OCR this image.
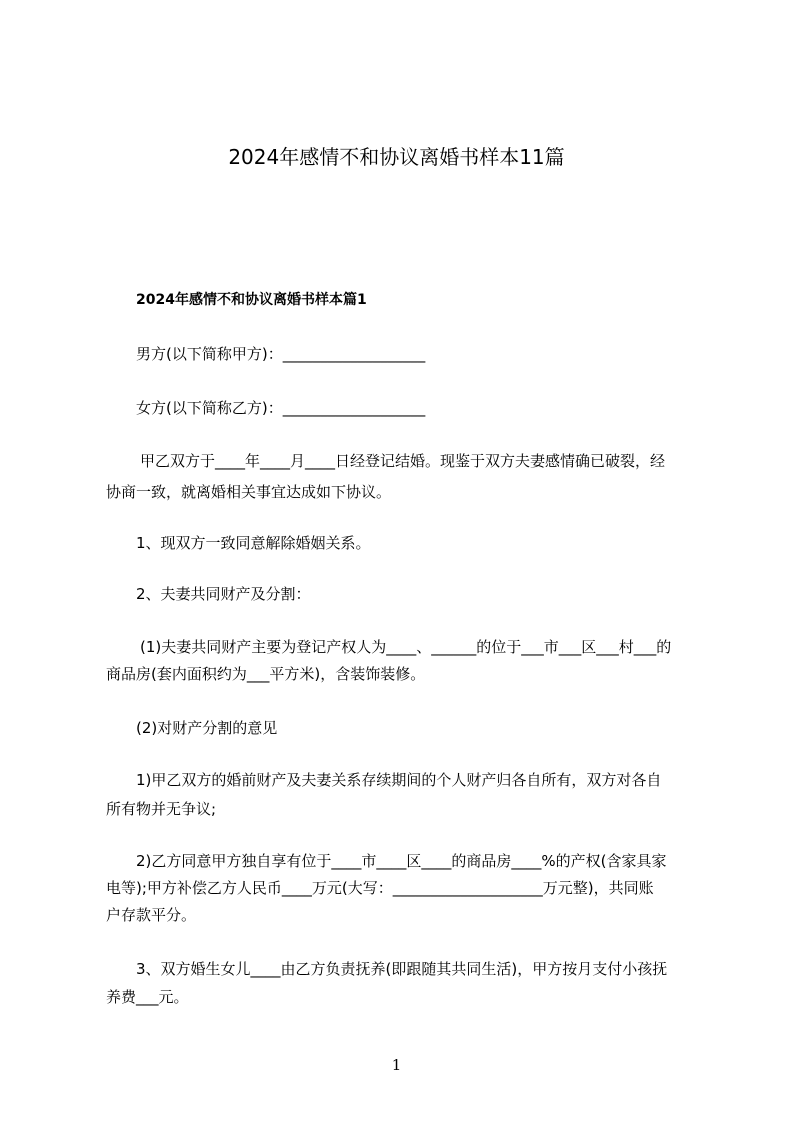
2024年感情不和协议离婚书样本11篇
2024年感情不和协议离婚书样本篇1
男方(以下简称甲方)：___________________
女方(以下简称乙方)：___________________
甲乙双方于____年____月____日经登记结婚。现鉴于双方夫妻感情确已破裂，经
协商一致，就离婚相关事宜达成如下协议。
1、现双方一致同意解除婚姻关系。
2、夫妻共同财产及分割：
(1)夫妻共同财产主要为登记产权人为____、______的位于___市___区___村___的
商品房(套内面积约为___平方米)，含装饰装修。
(2)对财产分割的意见
1)甲乙双方的婚前财产及夫妻关系存续期间的个人财产归各自所有，双方对各自
所有物并无争议;
2)乙方同意甲方独自享有位于____市____区____的商品房____%的产权(含家具家
电等);甲方补偿乙方人民币____万元(大写：____________________万元整)，共同账
户存款平分。
3、双方婚生女儿____由乙方负责抚养(即跟随其共同生活)，甲方按月支付小孩抚
养费___元。
1
